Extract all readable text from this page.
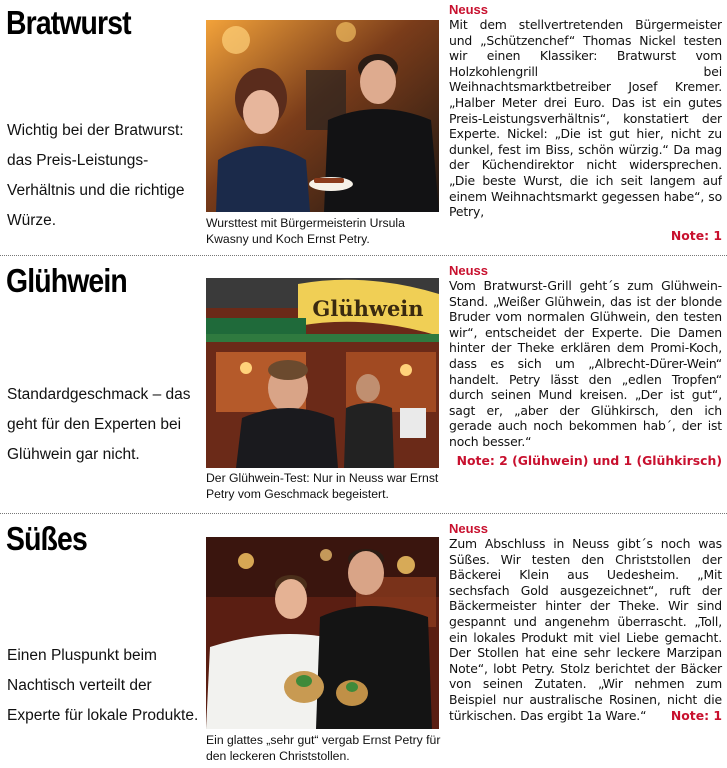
Bratwurst
Wichtig bei der Bratwurst: das Preis-Leistungs-Verhältnis und die richtige Würze.	Wursttest mit Bürgermeisterin Ursula Kwasny und Koch Ernst Petry.
Neuss
Mit dem stellvertretenden Bürgermeister und „Schützenchef“ Thomas Nickel testen wir einen Klassiker: Bratwurst vom Holzkohlengrill bei Weihnachtsmarktbetreiber Josef Kremer. „Halber Meter drei Euro. Das ist ein gutes Preis-Leistungsverhältnis“, konstatiert der Experte. Nickel: „Die ist gut hier, nicht zu dunkel, fest im Biss, schön würzig.“ Da mag der Küchendirektor nicht widersprechen. „Die beste Wurst, die ich seit langem auf einem Weihnachtsmarkt gegessen habe“, so Petry,
Note: 1
Glühwein
Standardgeschmack – das geht für den Experten bei Glühwein gar nicht.
Glühwein
Der Glühwein-Test: Nur in Neuss war Ernst Petry vom Geschmack begeistert.
Neuss
Vom Bratwurst-Grill geht´s zum Glühwein-Stand. „Weißer Glühwein, das ist der blonde Bruder vom normalen Glühwein, den testen wir“, entscheidet der Experte. Die Damen hinter der Theke erklären dem Promi-Koch, dass es sich um „Albrecht-Dürer-Wein“ handelt. Petry lässt den „edlen Tropfen“ durch seinen Mund kreisen. „Der ist gut“, sagt er, „aber der Glühkirsch, den ich gerade auch noch bekommen hab´, der ist noch besser.“
Note: 2 (Glühwein) und 1 (Glühkirsch)
Süßes
Einen Pluspunkt beim Nachtisch verteilt der Experte für lokale Produkte.
Ein glattes „sehr gut“ vergab Ernst Petry für den leckeren Christstollen.
Neuss
Zum Abschluss in Neuss gibt´s noch was Süßes. Wir testen den Christstollen der Bäckerei Klein aus Uedesheim. „Mit sechsfach Gold ausgezeichnet“, ruft der Bäckermeister hinter der Theke. Wir sind gespannt und angenehm überrascht. „Toll, ein lokales Produkt mit viel Liebe gemacht. Der Stollen hat eine sehr leckere Marzipan Note“, lobt Petry. Stolz berichtet der Bäcker von seinen Zutaten. „Wir nehmen zum Beispiel nur australische Rosinen, nicht die türkischen. Das ergibt 1a Ware.“	Note: 1
